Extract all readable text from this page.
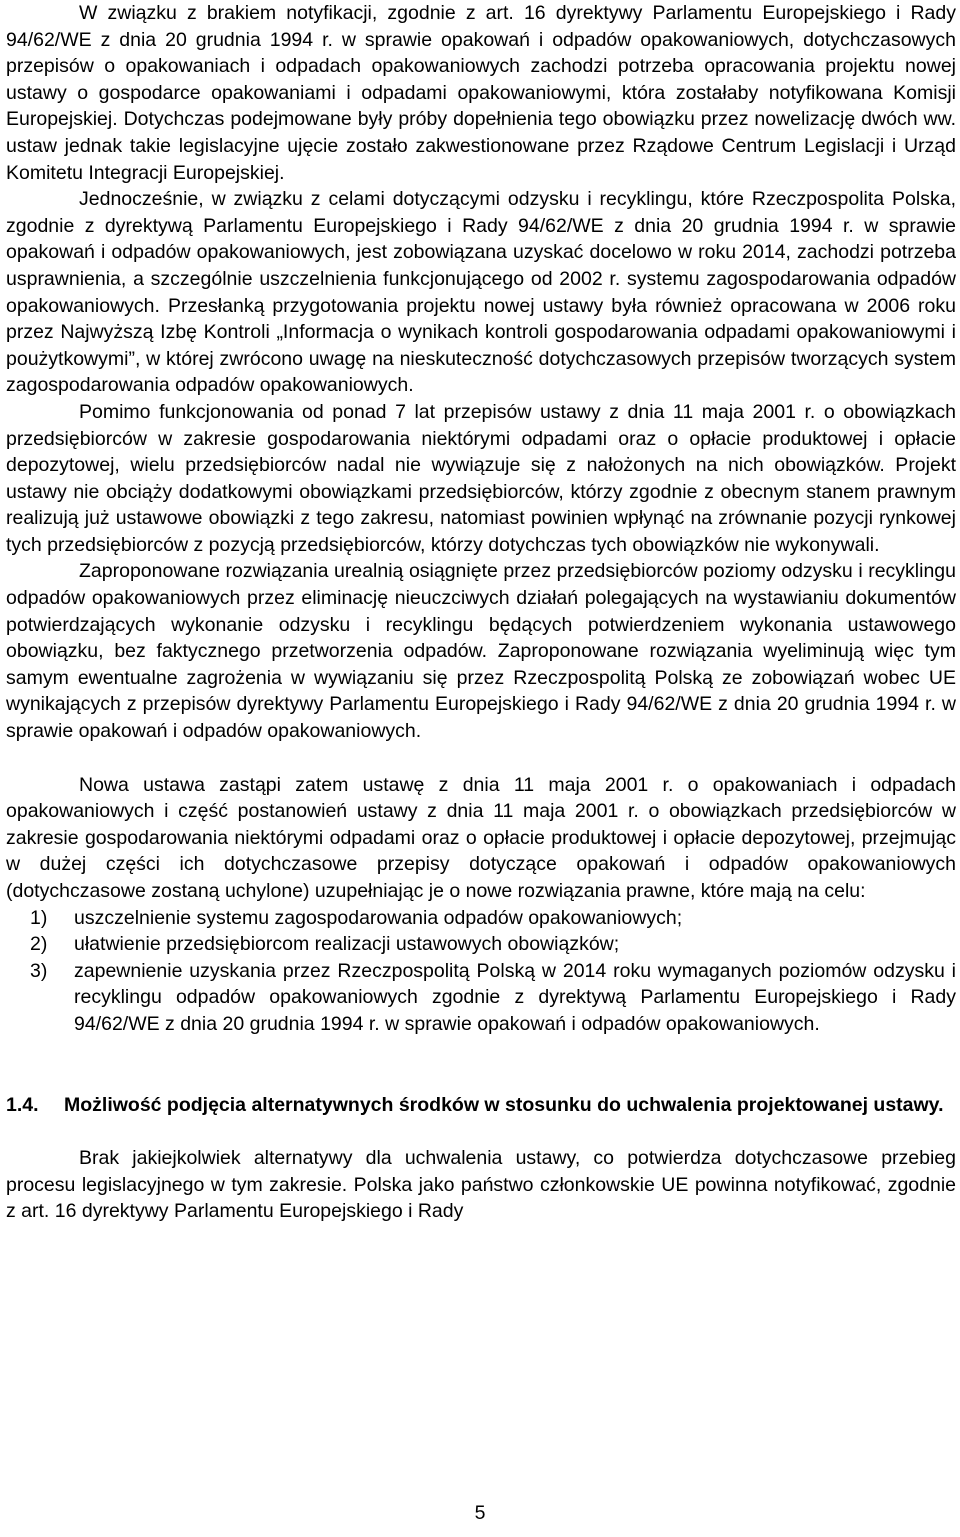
W związku z brakiem notyfikacji, zgodnie z art. 16 dyrektywy Parlamentu Europejskiego i Rady 94/62/WE z dnia 20 grudnia 1994 r. w sprawie opakowań i odpadów opakowaniowych, dotychczasowych przepisów o opakowaniach i odpadach opakowaniowych zachodzi potrzeba opracowania projektu nowej ustawy o gospodarce opakowaniami i odpadami opakowaniowymi, która zostałaby notyfikowana Komisji Europejskiej. Dotychczas podejmowane były próby dopełnienia tego obowiązku przez nowelizację dwóch ww. ustaw jednak takie legislacyjne ujęcie zostało zakwestionowane przez Rządowe Centrum Legislacji i Urząd Komitetu Integracji Europejskiej.

Jednocześnie, w związku z celami dotyczącymi odzysku i recyklingu, które Rzeczpospolita Polska, zgodnie z dyrektywą Parlamentu Europejskiego i Rady 94/62/WE z dnia 20 grudnia 1994 r. w sprawie opakowań i odpadów opakowaniowych, jest zobowiązana uzyskać docelowo w roku 2014, zachodzi potrzeba usprawnienia, a szczególnie uszczelnienia funkcjonującego od 2002 r. systemu zagospodarowania odpadów opakowaniowych. Przesłanką przygotowania projektu nowej ustawy była również opracowana w 2006 roku przez Najwyższą Izbę Kontroli „Informacja o wynikach kontroli gospodarowania odpadami opakowaniowymi i poużytkowymi”, w której zwrócono uwagę na nieskuteczność dotychczasowych przepisów tworzących system zagospodarowania odpadów opakowaniowych.

Pomimo funkcjonowania od ponad 7 lat przepisów ustawy z dnia 11 maja 2001 r. o obowiązkach przedsiębiorców w zakresie gospodarowania niektórymi odpadami oraz o opłacie produktowej i opłacie depozytowej, wielu przedsiębiorców nadal nie wywiązuje się z nałożonych na nich obowiązków. Projekt ustawy nie obciąży dodatkowymi obowiązkami przedsiębiorców, którzy zgodnie z obecnym stanem prawnym realizują już ustawowe obowiązki z tego zakresu, natomiast powinien wpłynąć na zrównanie pozycji rynkowej tych przedsiębiorców z pozycją przedsiębiorców, którzy dotychczas tych obowiązków nie wykonywali.

Zaproponowane rozwiązania urealnią osiągnięte przez przedsiębiorców poziomy odzysku i recyklingu odpadów opakowaniowych przez eliminację nieuczciwych działań polegających na wystawianiu dokumentów potwierdzających wykonanie odzysku i recyklingu będących potwierdzeniem wykonania ustawowego obowiązku, bez faktycznego przetworzenia odpadów. Zaproponowane rozwiązania wyeliminują więc tym samym ewentualne zagrożenia w wywiązaniu się przez Rzeczpospolitą Polską ze zobowiązań wobec UE wynikających z przepisów dyrektywy Parlamentu Europejskiego i Rady 94/62/WE z dnia 20 grudnia 1994 r. w sprawie opakowań i odpadów opakowaniowych.

Nowa ustawa zastąpi zatem ustawę z dnia 11 maja 2001 r. o opakowaniach i odpadach opakowaniowych i część postanowień ustawy z dnia 11 maja 2001 r. o obowiązkach przedsiębiorców w zakresie gospodarowania niektórymi odpadami oraz o opłacie produktowej i opłacie depozytowej, przejmując w dużej części ich dotychczasowe przepisy dotyczące opakowań i odpadów opakowaniowych (dotychczasowe zostaną uchylone) uzupełniając je o nowe rozwiązania prawne, które mają na celu:

1)	uszczelnienie systemu zagospodarowania odpadów opakowaniowych;
2)	ułatwienie przedsiębiorcom realizacji ustawowych obowiązków;
3)	zapewnienie uzyskania przez Rzeczpospolitą Polską w 2014 roku wymaganych poziomów odzysku i recyklingu odpadów opakowaniowych zgodnie z dyrektywą Parlamentu Europejskiego i Rady 94/62/WE z dnia 20 grudnia 1994 r. w sprawie opakowań i odpadów opakowaniowych.
1.4.	Możliwość podjęcia alternatywnych środków w stosunku do uchwalenia projektowanej ustawy.

Brak jakiejkolwiek alternatywy dla uchwalenia ustawy, co potwierdza dotychczasowe przebieg procesu legislacyjnego w tym zakresie. Polska jako państwo członkowskie UE powinna notyfikować, zgodnie z art. 16 dyrektywy Parlamentu Europejskiego i Rady

5
